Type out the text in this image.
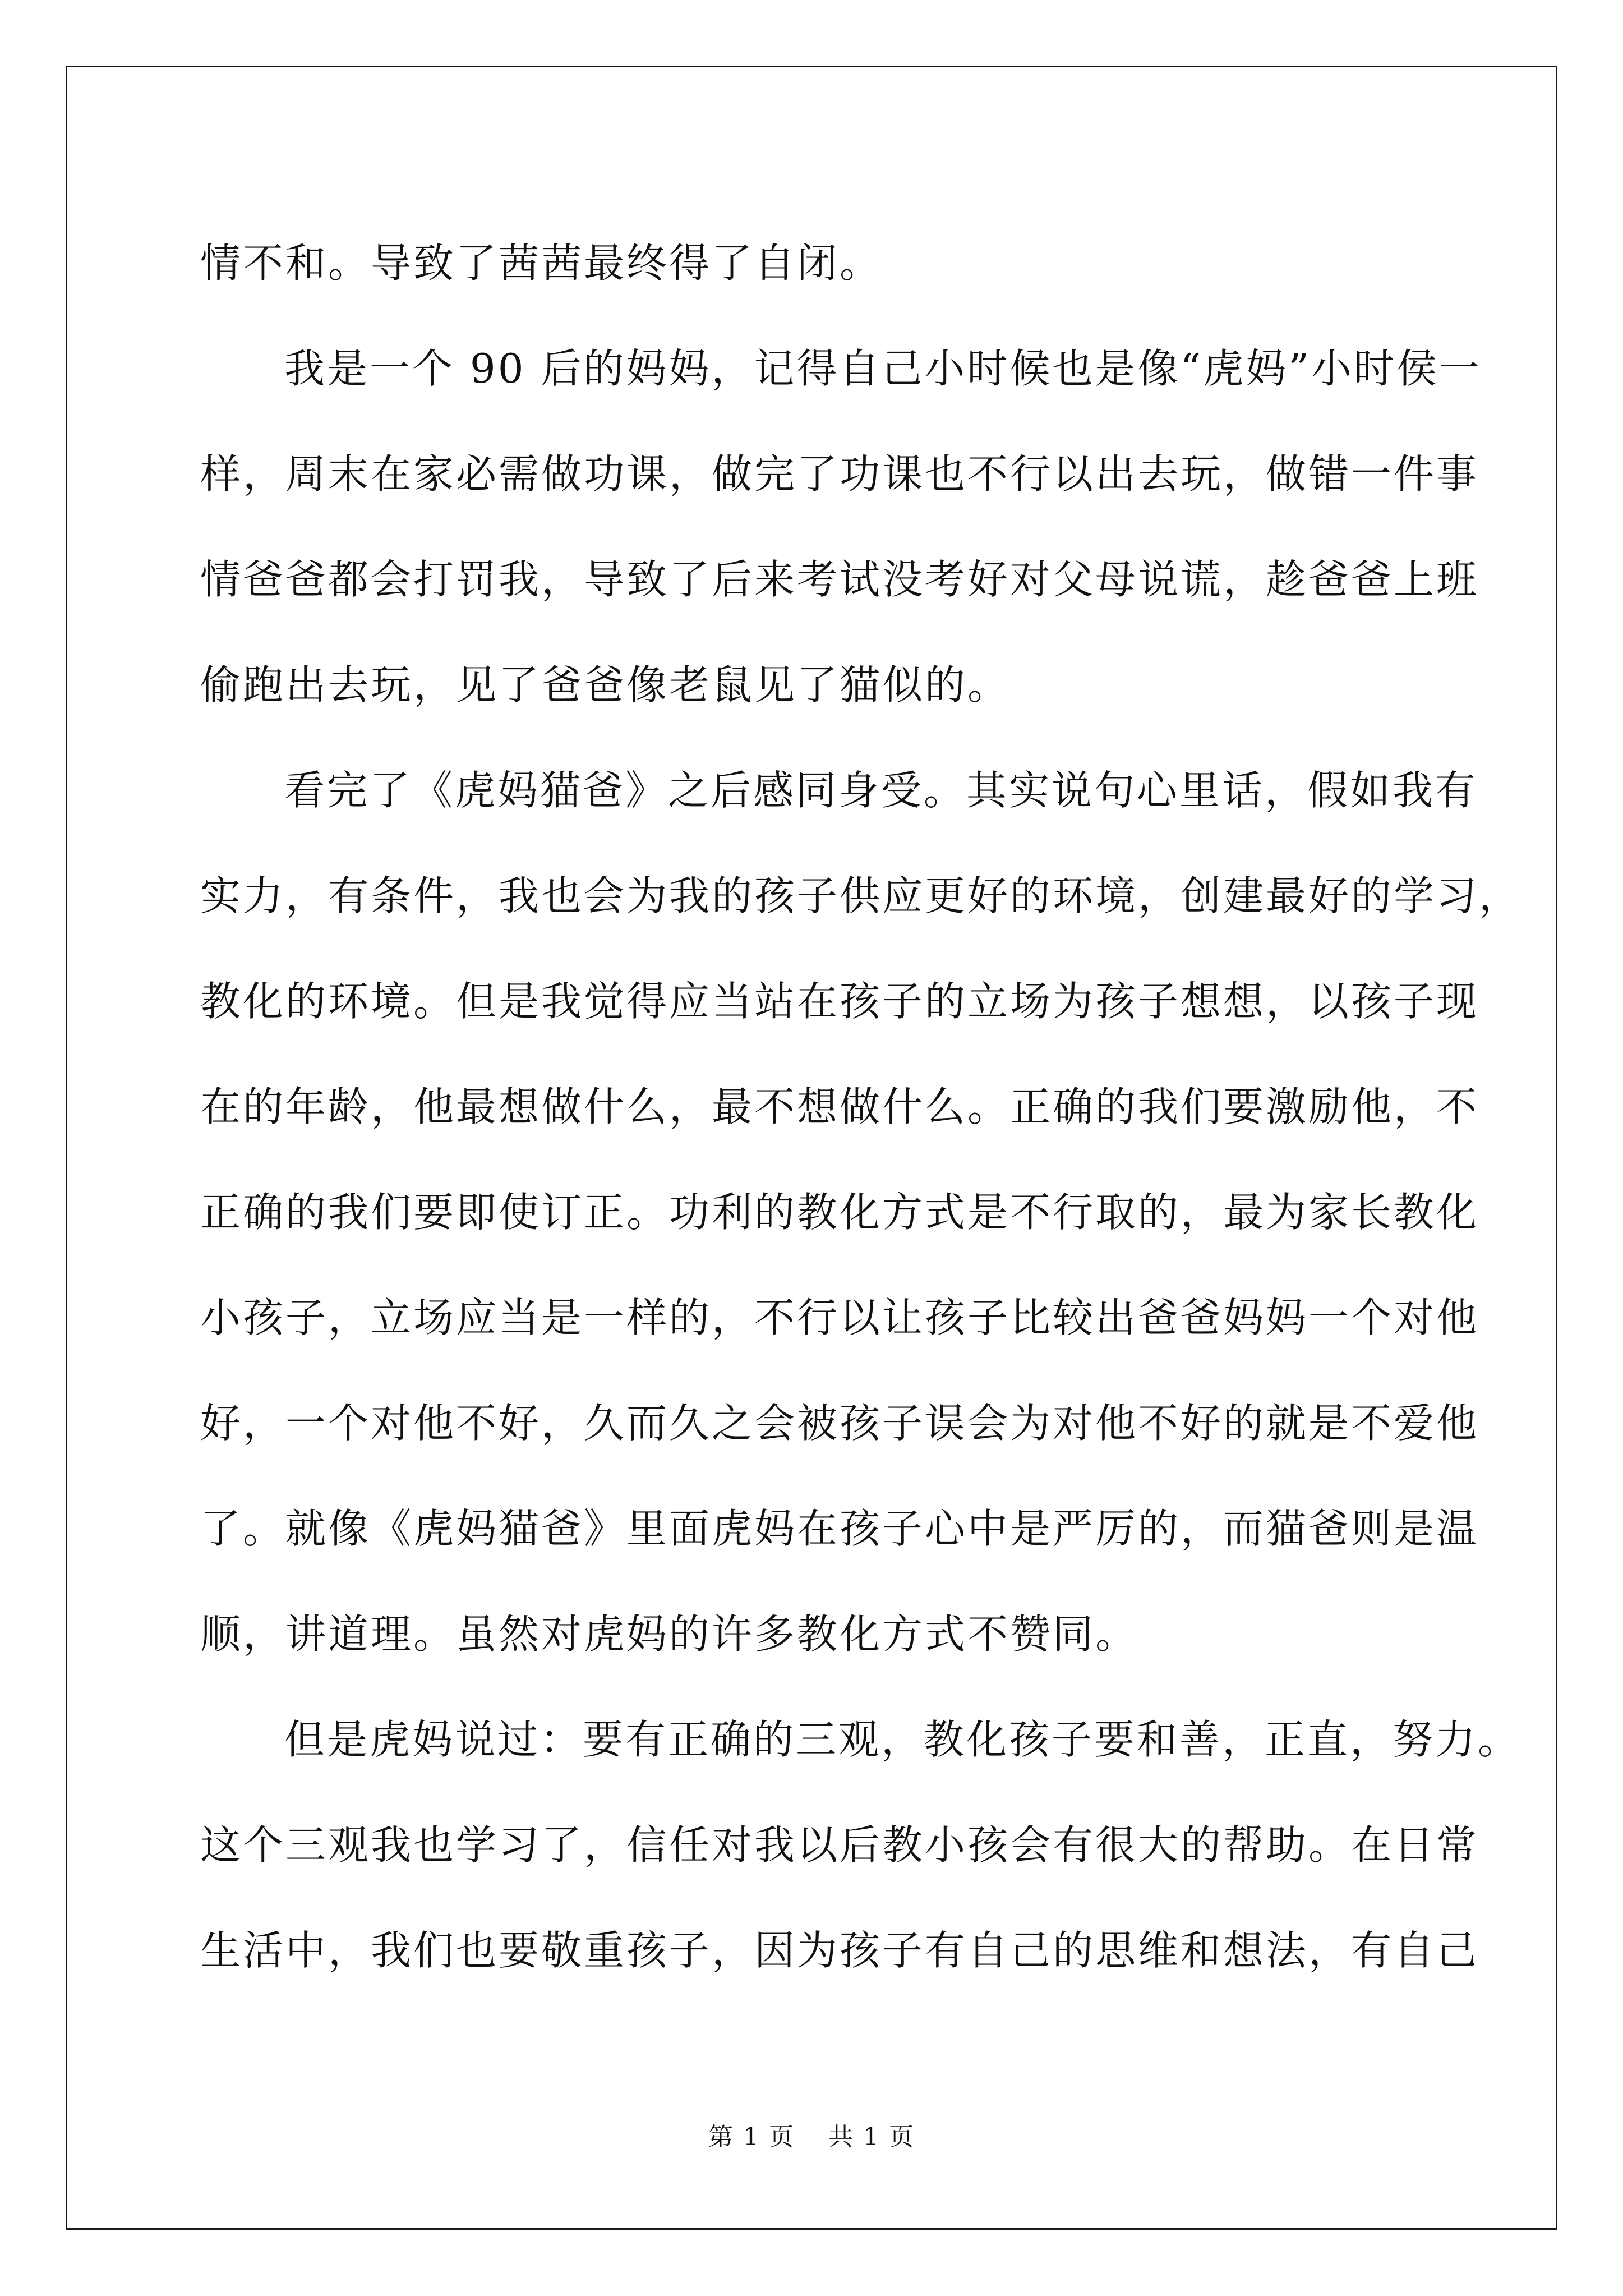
情不和。导致了茜茜最终得了自闭。
我是一个 90 后的妈妈，记得自己小时候也是像“虎妈”小时侯一
样，周末在家必需做功课，做完了功课也不行以出去玩，做错一件事
情爸爸都会打罚我，导致了后来考试没考好对父母说谎，趁爸爸上班
偷跑出去玩，见了爸爸像老鼠见了猫似的。
看完了《虎妈猫爸》之后感同身受。其实说句心里话，假如我有
实力，有条件，我也会为我的孩子供应更好的环境，创建最好的学习，
教化的环境。但是我觉得应当站在孩子的立场为孩子想想，以孩子现
在的年龄，他最想做什么，最不想做什么。正确的我们要激励他，不
正确的我们要即使订正。功利的教化方式是不行取的，最为家长教化
小孩子，立场应当是一样的，不行以让孩子比较出爸爸妈妈一个对他
好，一个对他不好，久而久之会被孩子误会为对他不好的就是不爱他
了。就像《虎妈猫爸》里面虎妈在孩子心中是严厉的，而猫爸则是温
顺，讲道理。虽然对虎妈的许多教化方式不赞同。
但是虎妈说过：要有正确的三观，教化孩子要和善，正直，努力。
这个三观我也学习了，信任对我以后教小孩会有很大的帮助。在日常
生活中，我们也要敬重孩子，因为孩子有自己的思维和想法，有自己
第 1 页 共 1 页
